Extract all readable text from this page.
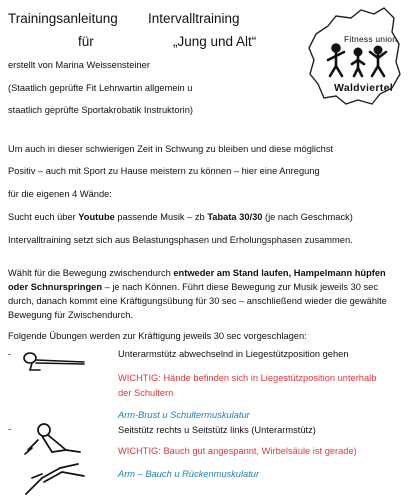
Trainingsanleitung Intervalltraining
für	„Jung und Alt“	Fitness union
Waldviertel
erstellt von Marina Weissensteiner
(Staatlich geprüfte Fit Lehrwartin allgemein u
staatlich geprüfte Sportakrobatik Instruktorin)
Um auch in dieser schwierigen Zeit in Schwung zu bleiben und diese möglichst
Positiv – auch mit Sport zu Hause meistern zu können – hier eine Anregung
für die eigenen 4 Wände:
Sucht euch über Youtube passende Musik – zb Tabata 30/30 (je nach Geschmack)
Intervalltraining setzt sich aus Belastungsphasen und Erholungsphasen zusammen.
Wählt für die Bewegung zwischendurch entweder am Stand laufen, Hampelmann hüpfen
oder Schnurspringen – je nach Können. Führt diese Bewegung zur Musik jeweils 30 sec
durch, danach kommt eine Kräftigungsübung für 30 sec – anschließend wieder die gewählte
Bewegung für Zwischendurch.
Folgende Übungen werden zur Kräftigung jeweils 30 sec vorgeschlagen:
-	Unterarmstütz abwechselnd in Liegestützposition gehen
WICHTIG: Hände befinden sich in Liegestützposition unterhalb
der Schultern
Arm-Brust u Schultermuskulatur
-	Seitstütz rechts u Seitstütz links (Unterarmstütz)
WICHTIG: Bauch gut angespannt, Wirbelsäule ist gerade)
Arm – Bauch u Rückenmuskulatur
